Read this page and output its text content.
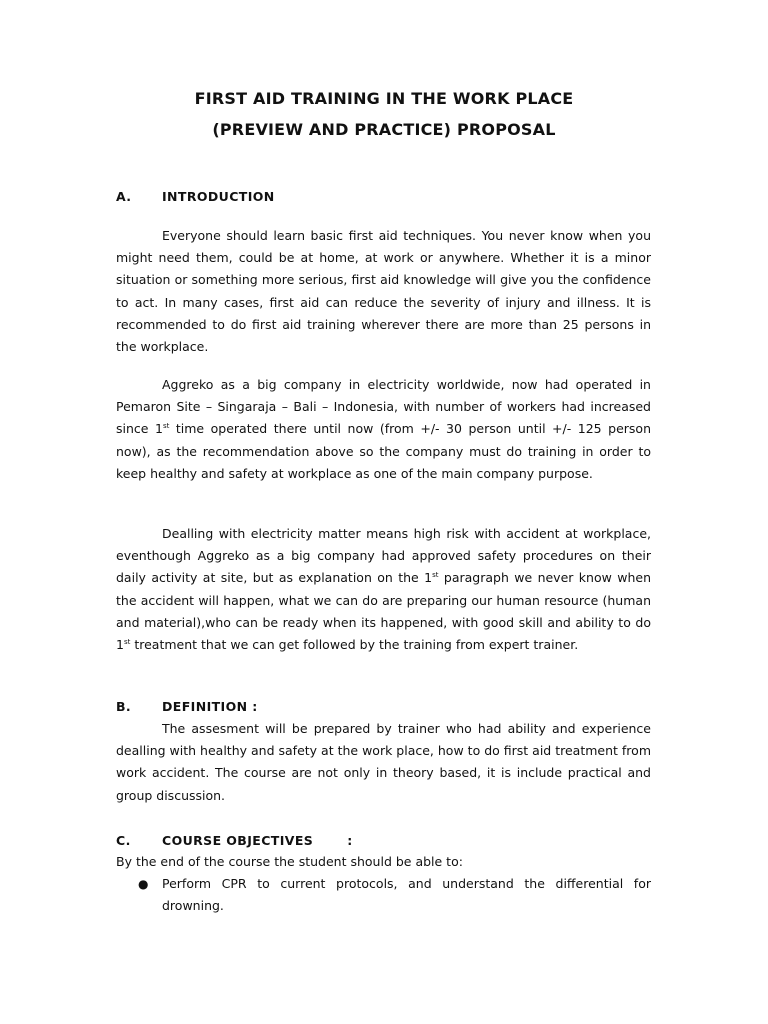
FIRST AID TRAINING IN THE WORK PLACE
(PREVIEW AND PRACTICE) PROPOSAL
A. INTRODUCTION

Everyone should learn basic first aid techniques. You never know when you might need them, could be at home, at work or anywhere. Whether it is a minor situation or something more serious, first aid knowledge will give you the confidence to act. In many cases, first aid can reduce the severity of injury and illness. It is recommended to do first aid training wherever there are more than 25 persons in the workplace.

Aggreko as a big company in electricity worldwide, now had operated in Pemaron Site – Singaraja – Bali – Indonesia, with number of workers had increased since 1st time operated there until now (from +/- 30 person until +/- 125 person now), as the recommendation above so the company must do training in order to keep healthy and safety at workplace as one of the main company purpose.

Dealling with electricity matter means high risk with accident at workplace, eventhough Aggreko as a big company had approved safety procedures on their daily activity at site, but as explanation on the 1st paragraph we never know when the accident will happen, what we can do are preparing our human resource (human and material),who can be ready when its happened, with good skill and ability to do 1st treatment that we can get followed by the training from expert trainer.

B. DEFINITION :

The assesment will be prepared by trainer who had ability and experience dealling with healthy and safety at the work place, how to do first aid treatment from work accident. The course are not only in theory based, it is include practical and group discussion.

C.	COURSE OBJECTIVES	:

By the end of the course the student should be able to:

● Perform CPR to current protocols, and understand the differential for drowning.
